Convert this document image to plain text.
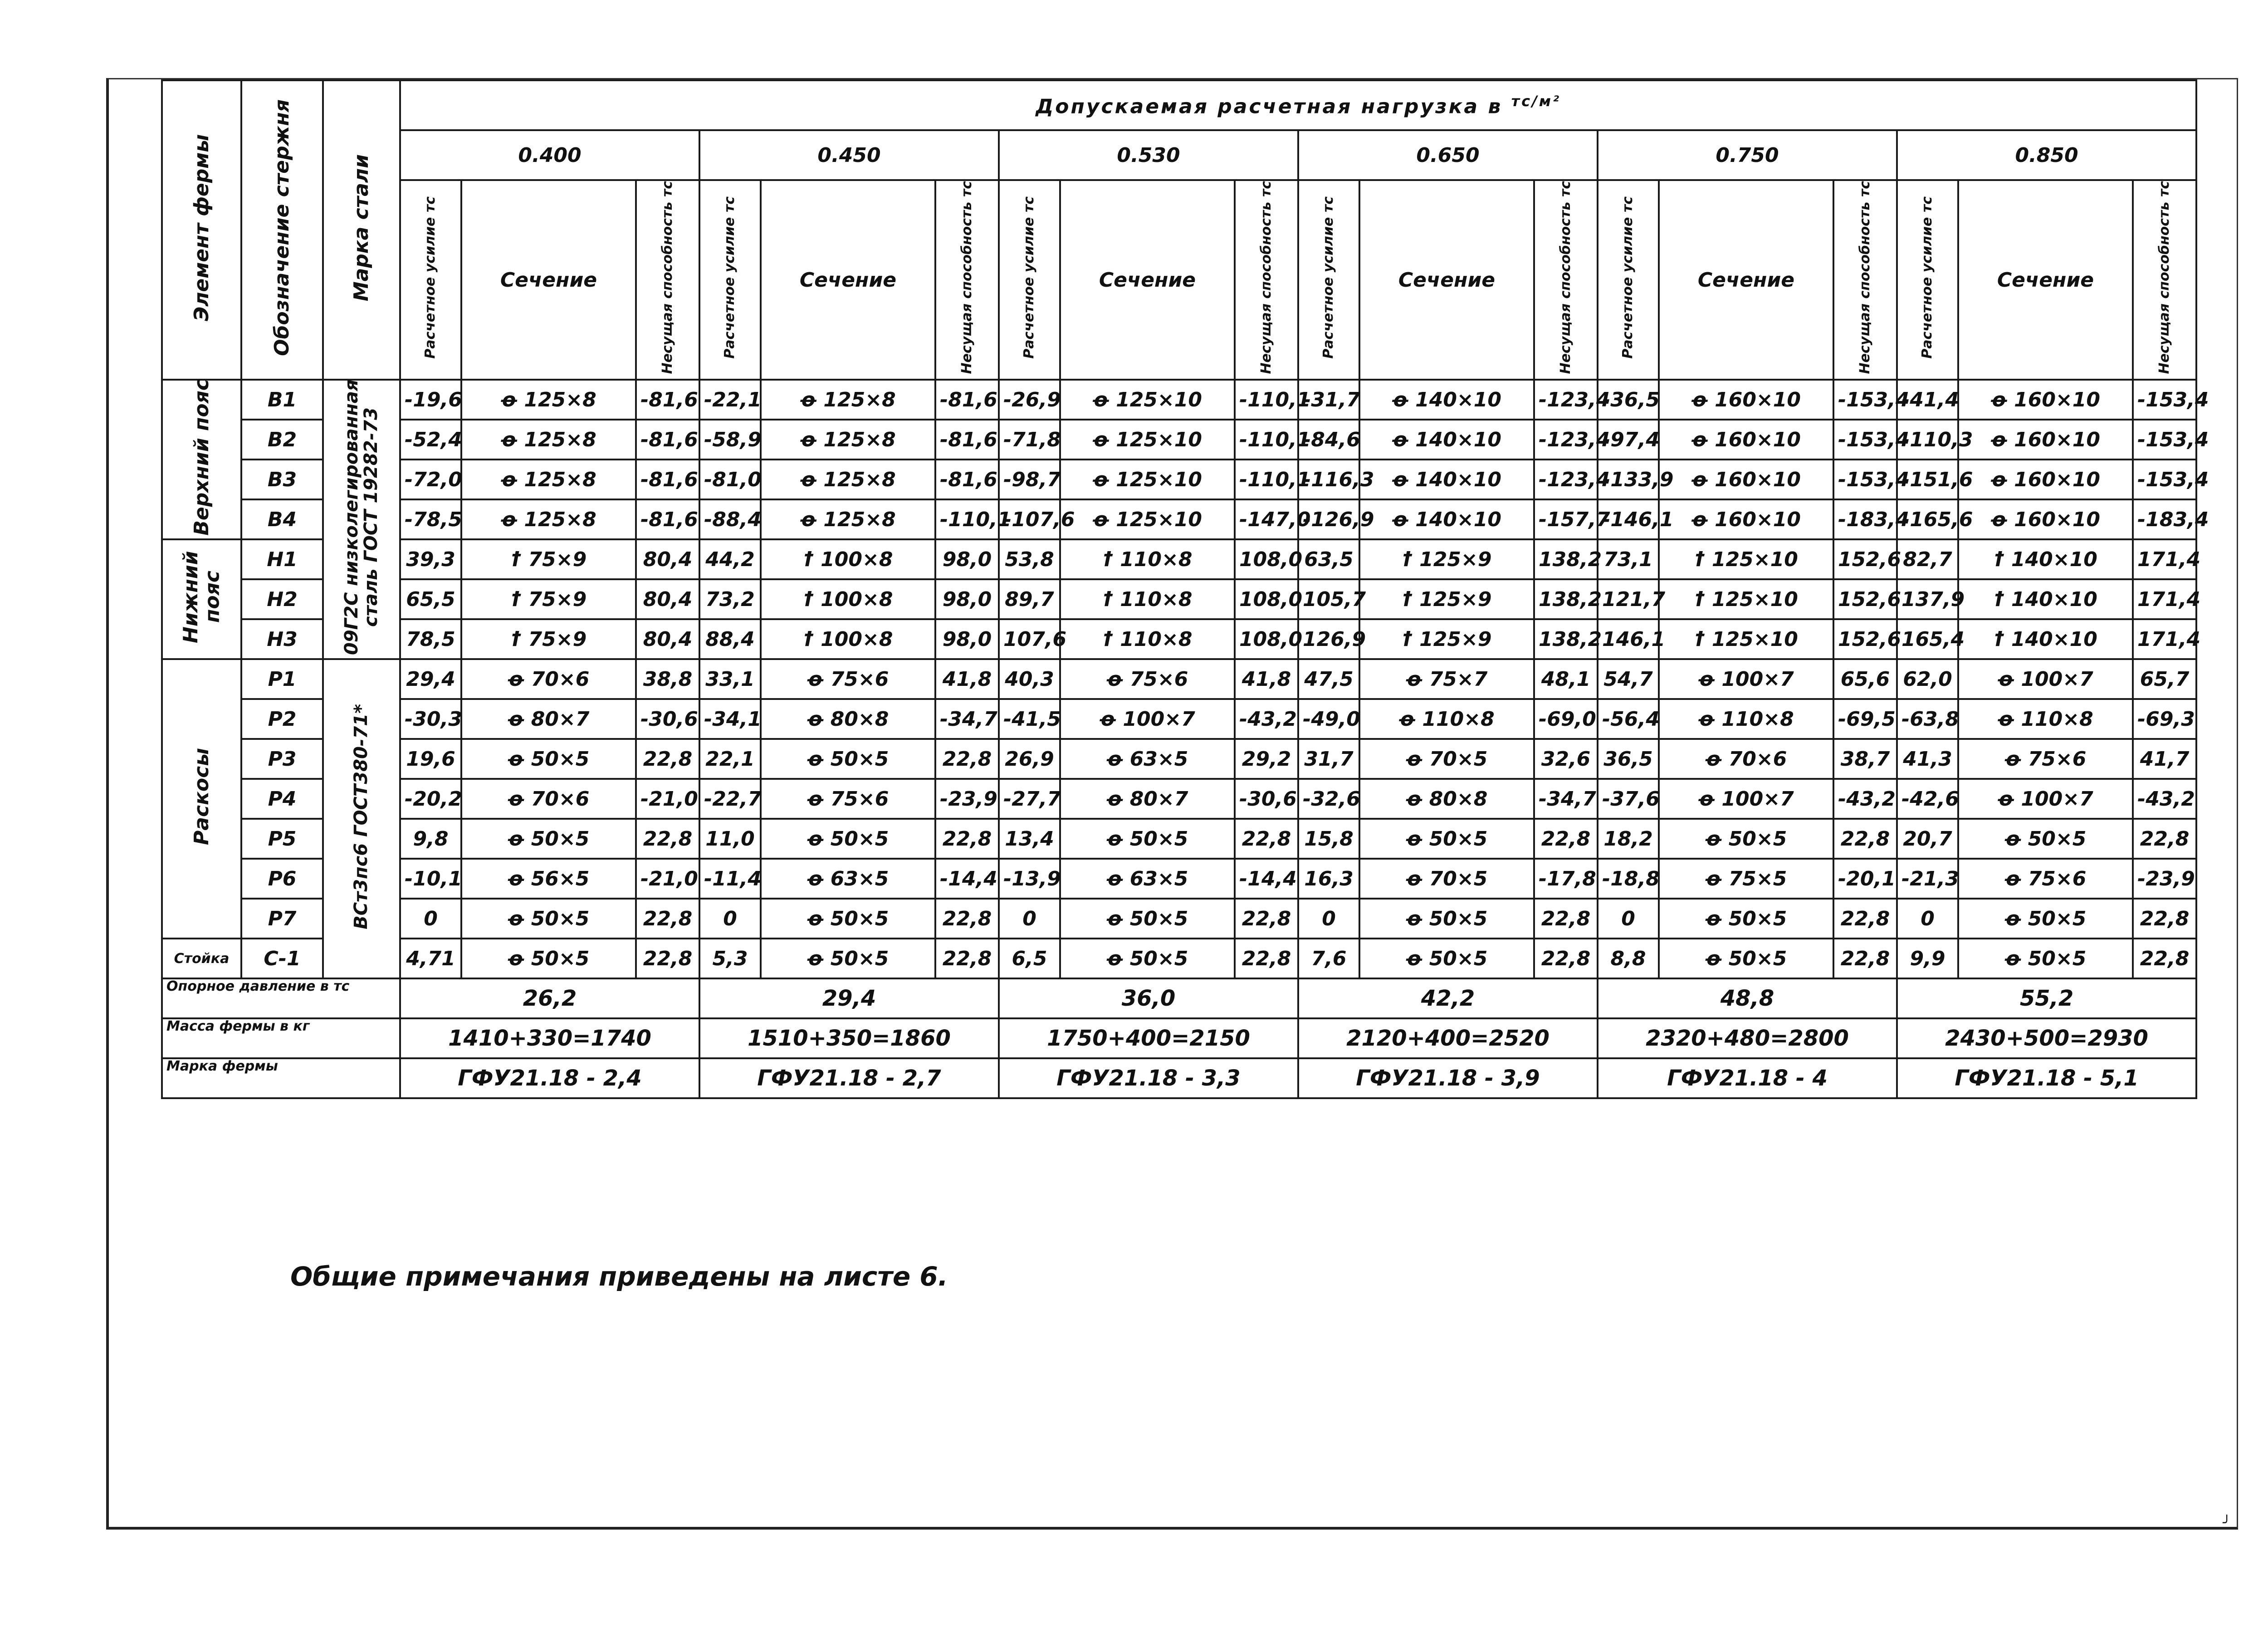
Элемент фермы	Обозначение стержня	Марка стали	Допускаемая расчетная нагрузка в $^{тс/м^2}$
			0.400			0.450			0.530			0.650			0.750			0.850		
			Расчетное усилие тс	Сечение	Несущая способность тс	Расчетное усилие тс	Сечение	Несущая способность тс	Расчетное усилие тс	Сечение	Несущая способность тс	Расчетное усилие тс	Сечение	Несущая способность тс	Расчетное усилие тс	Сечение	Несущая способность тс	Расчетное усилие тс	Сечение	Несущая способность тс
Верхний пояс	B1	09Г2С низколегированная сталь ГОСТ 19282-73	-19,6	ꝋ 125×8	-81,6	-22,1	ꝋ 125×8	-81,6	-26,9	ꝋ 125×10	-110,1	-31,7	ꝋ 140×10	-123,4	-36,5	ꝋ 160×10	-153,4	-41,4	ꝋ 160×10	-153,4
	B2		-52,4	ꝋ 125×8	-81,6	-58,9	ꝋ 125×8	-81,6	-71,8	ꝋ 125×10	-110,1	-84,6	ꝋ 140×10	-123,4	-97,4	ꝋ 160×10	-153,4	-110,3	ꝋ 160×10	-153,4
	B3		-72,0	ꝋ 125×8	-81,6	-81,0	ꝋ 125×8	-81,6	-98,7	ꝋ 125×10	-110,1	-116,3	ꝋ 140×10	-123,4	-133,9	ꝋ 160×10	-153,4	-151,6	ꝋ 160×10	-153,4
	B4		-78,5	ꝋ 125×8	-81,6	-88,4	ꝋ 125×8	-110,1	-107,6	ꝋ 125×10	-147,0	-126,9	ꝋ 140×10	-157,7	-146,1	ꝋ 160×10	-183,4	-165,6	ꝋ 160×10	-183,4
Нижний пояс	H1		39,3	ꝉ 75×9	80,4	44,2	ꝉ 100×8	98,0	53,8	ꝉ 110×8	108,0	63,5	ꝉ 125×9	138,2	73,1	ꝉ 125×10	152,6	82,7	ꝉ 140×10	171,4
	H2		65,5	ꝉ 75×9	80,4	73,2	ꝉ 100×8	98,0	89,7	ꝉ 110×8	108,0	105,7	ꝉ 125×9	138,2	121,7	ꝉ 125×10	152,6	137,9	ꝉ 140×10	171,4
	H3		78,5	ꝉ 75×9	80,4	88,4	ꝉ 100×8	98,0	107,6	ꝉ 110×8	108,0	126,9	ꝉ 125×9	138,2	146,1	ꝉ 125×10	152,6	165,4	ꝉ 140×10	171,4
Раскосы	P1	ВСт3пс6 ГОСТ380-71*	29,4	ꝋ 70×6	38,8	33,1	ꝋ 75×6	41,8	40,3	ꝋ 75×6	41,8	47,5	ꝋ 75×7	48,1	54,7	ꝋ 100×7	65,6	62,0	ꝋ 100×7	65,7
	P2		-30,3	ꝋ 80×7	-30,6	-34,1	ꝋ 80×8	-34,7	-41,5	ꝋ 100×7	-43,2	-49,0	ꝋ 110×8	-69,0	-56,4	ꝋ 110×8	-69,5	-63,8	ꝋ 110×8	-69,3
	P3		19,6	ꝋ 50×5	22,8	22,1	ꝋ 50×5	22,8	26,9	ꝋ 63×5	29,2	31,7	ꝋ 70×5	32,6	36,5	ꝋ 70×6	38,7	41,3	ꝋ 75×6	41,7
	P4		-20,2	ꝋ 70×6	-21,0	-22,7	ꝋ 75×6	-23,9	-27,7	ꝋ 80×7	-30,6	-32,6	ꝋ 80×8	-34,7	-37,6	ꝋ 100×7	-43,2	-42,6	ꝋ 100×7	-43,2
	P5		9,8	ꝋ 50×5	22,8	11,0	ꝋ 50×5	22,8	13,4	ꝋ 50×5	22,8	15,8	ꝋ 50×5	22,8	18,2	ꝋ 50×5	22,8	20,7	ꝋ 50×5	22,8
	P6		-10,1	ꝋ 56×5	-21,0	-11,4	ꝋ 63×5	-14,4	-13,9	ꝋ 63×5	-14,4	16,3	ꝋ 70×5	-17,8	-18,8	ꝋ 75×5	-20,1	-21,3	ꝋ 75×6	-23,9
	P7		0	ꝋ 50×5	22,8	0	ꝋ 50×5	22,8	0	ꝋ 50×5	22,8	0	ꝋ 50×5	22,8	0	ꝋ 50×5	22,8	0	ꝋ 50×5	22,8
Стойка	C-1		4,71	ꝋ 50×5	22,8	5,3	ꝋ 50×5	22,8	6,5	ꝋ 50×5	22,8	7,6	ꝋ 50×5	22,8	8,8	ꝋ 50×5	22,8	9,9	ꝋ 50×5	22,8
Опорное давление в тс			26,2			29,4			36,0			42,2			48,8			55,2		
Масса фермы в кг			1410+330=1740			1510+350=1860			1750+400=2150			2120+400=2520			2320+480=2800			2430+500=2930		
Марка фермы			ГФУ21.18 - 2,4			ГФУ21.18 - 2,7			ГФУ21.18 - 3,3			ГФУ21.18 - 3,9			ГФУ21.18 - 4			ГФУ21.18 - 5,1		
Общие примечания приведены на листе 6.
╯
